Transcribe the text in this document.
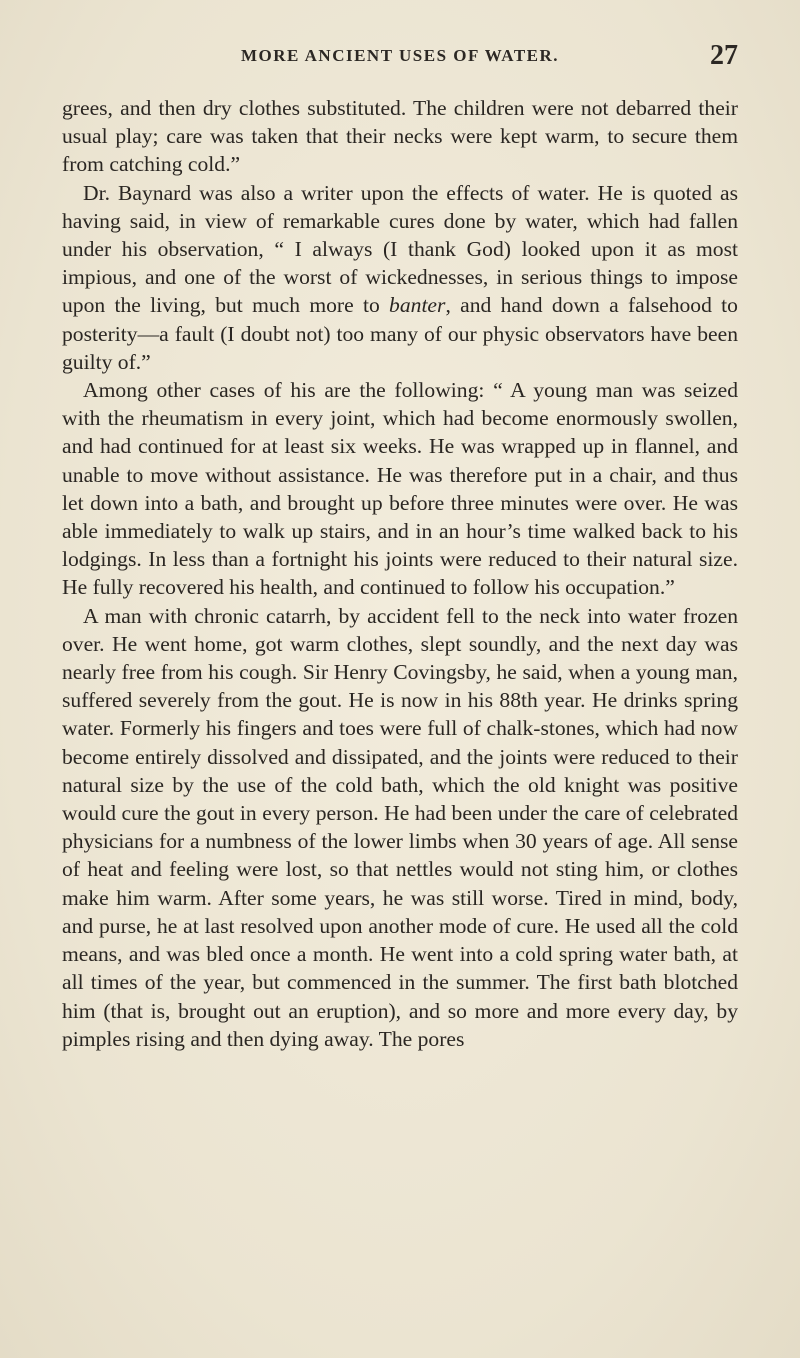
MORE ANCIENT USES OF WATER.	27

grees, and then dry clothes substituted. The children were not debarred their usual play; care was taken that their necks were kept warm, to secure them from catching cold.”

Dr. Baynard was also a writer upon the effects of water. He is quoted as having said, in view of remarkable cures done by water, which had fallen under his observation, “ I always (I thank God) looked upon it as most impious, and one of the worst of wickednesses, in serious things to impose upon the living, but much more to banter, and hand down a falsehood to posterity—a fault (I doubt not) too many of our physic observators have been guilty of.”

Among other cases of his are the following: “ A young man was seized with the rheumatism in every joint, which had become enormously swollen, and had continued for at least six weeks. He was wrapped up in flannel, and unable to move without assistance. He was therefore put in a chair, and thus let down into a bath, and brought up before three minutes were over. He was able immediately to walk up stairs, and in an hour’s time walked back to his lodgings. In less than a fortnight his joints were reduced to their natural size. He fully recovered his health, and continued to follow his occupation.”

A man with chronic catarrh, by accident fell to the neck into water frozen over. He went home, got warm clothes, slept soundly, and the next day was nearly free from his cough. Sir Henry Covingsby, he said, when a young man, suffered severely from the gout. He is now in his 88th year. He drinks spring water. Formerly his fingers and toes were full of chalk-stones, which had now become entirely dissolved and dissipated, and the joints were reduced to their natural size by the use of the cold bath, which the old knight was positive would cure the gout in every person. He had been under the care of celebrated physicians for a numbness of the lower limbs when 30 years of age. All sense of heat and feeling were lost, so that nettles would not sting him, or clothes make him warm. After some years, he was still worse. Tired in mind, body, and purse, he at last resolved upon another mode of cure. He used all the cold means, and was bled once a month. He went into a cold spring water bath, at all times of the year, but commenced in the summer. The first bath blotched him (that is, brought out an eruption), and so more and more every day, by pimples rising and then dying away. The pores
